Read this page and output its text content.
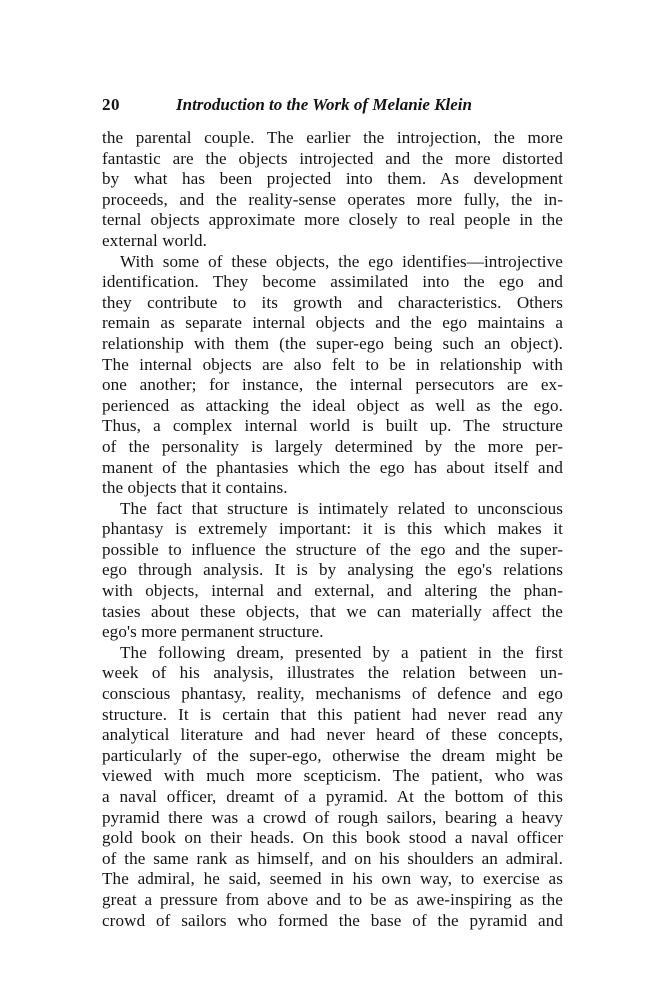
20	Introduction to the Work of Melanie Klein
the parental couple. The earlier the introjection, the more
fantastic are the objects introjected and the more distorted
by what has been projected into them. As development
proceeds, and the reality-sense operates more fully, the in-
ternal objects approximate more closely to real people in the
external world.
With some of these objects, the ego identifies—introjective
identification. They become assimilated into the ego and
they contribute to its growth and characteristics. Others
remain as separate internal objects and the ego maintains a
relationship with them (the super-ego being such an object).
The internal objects are also felt to be in relationship with
one another; for instance, the internal persecutors are ex-
perienced as attacking the ideal object as well as the ego.
Thus, a complex internal world is built up. The structure
of the personality is largely determined by the more per-
manent of the phantasies which the ego has about itself and
the objects that it contains.
The fact that structure is intimately related to unconscious
phantasy is extremely important: it is this which makes it
possible to influence the structure of the ego and the super-
ego through analysis. It is by analysing the ego's relations
with objects, internal and external, and altering the phan-
tasies about these objects, that we can materially affect the
ego's more permanent structure.
The following dream, presented by a patient in the first
week of his analysis, illustrates the relation between un-
conscious phantasy, reality, mechanisms of defence and ego
structure. It is certain that this patient had never read any
analytical literature and had never heard of these concepts,
particularly of the super-ego, otherwise the dream might be
viewed with much more scepticism. The patient, who was
a naval officer, dreamt of a pyramid. At the bottom of this
pyramid there was a crowd of rough sailors, bearing a heavy
gold book on their heads. On this book stood a naval officer
of the same rank as himself, and on his shoulders an admiral.
The admiral, he said, seemed in his own way, to exercise as
great a pressure from above and to be as awe-inspiring as the
crowd of sailors who formed the base of the pyramid and
